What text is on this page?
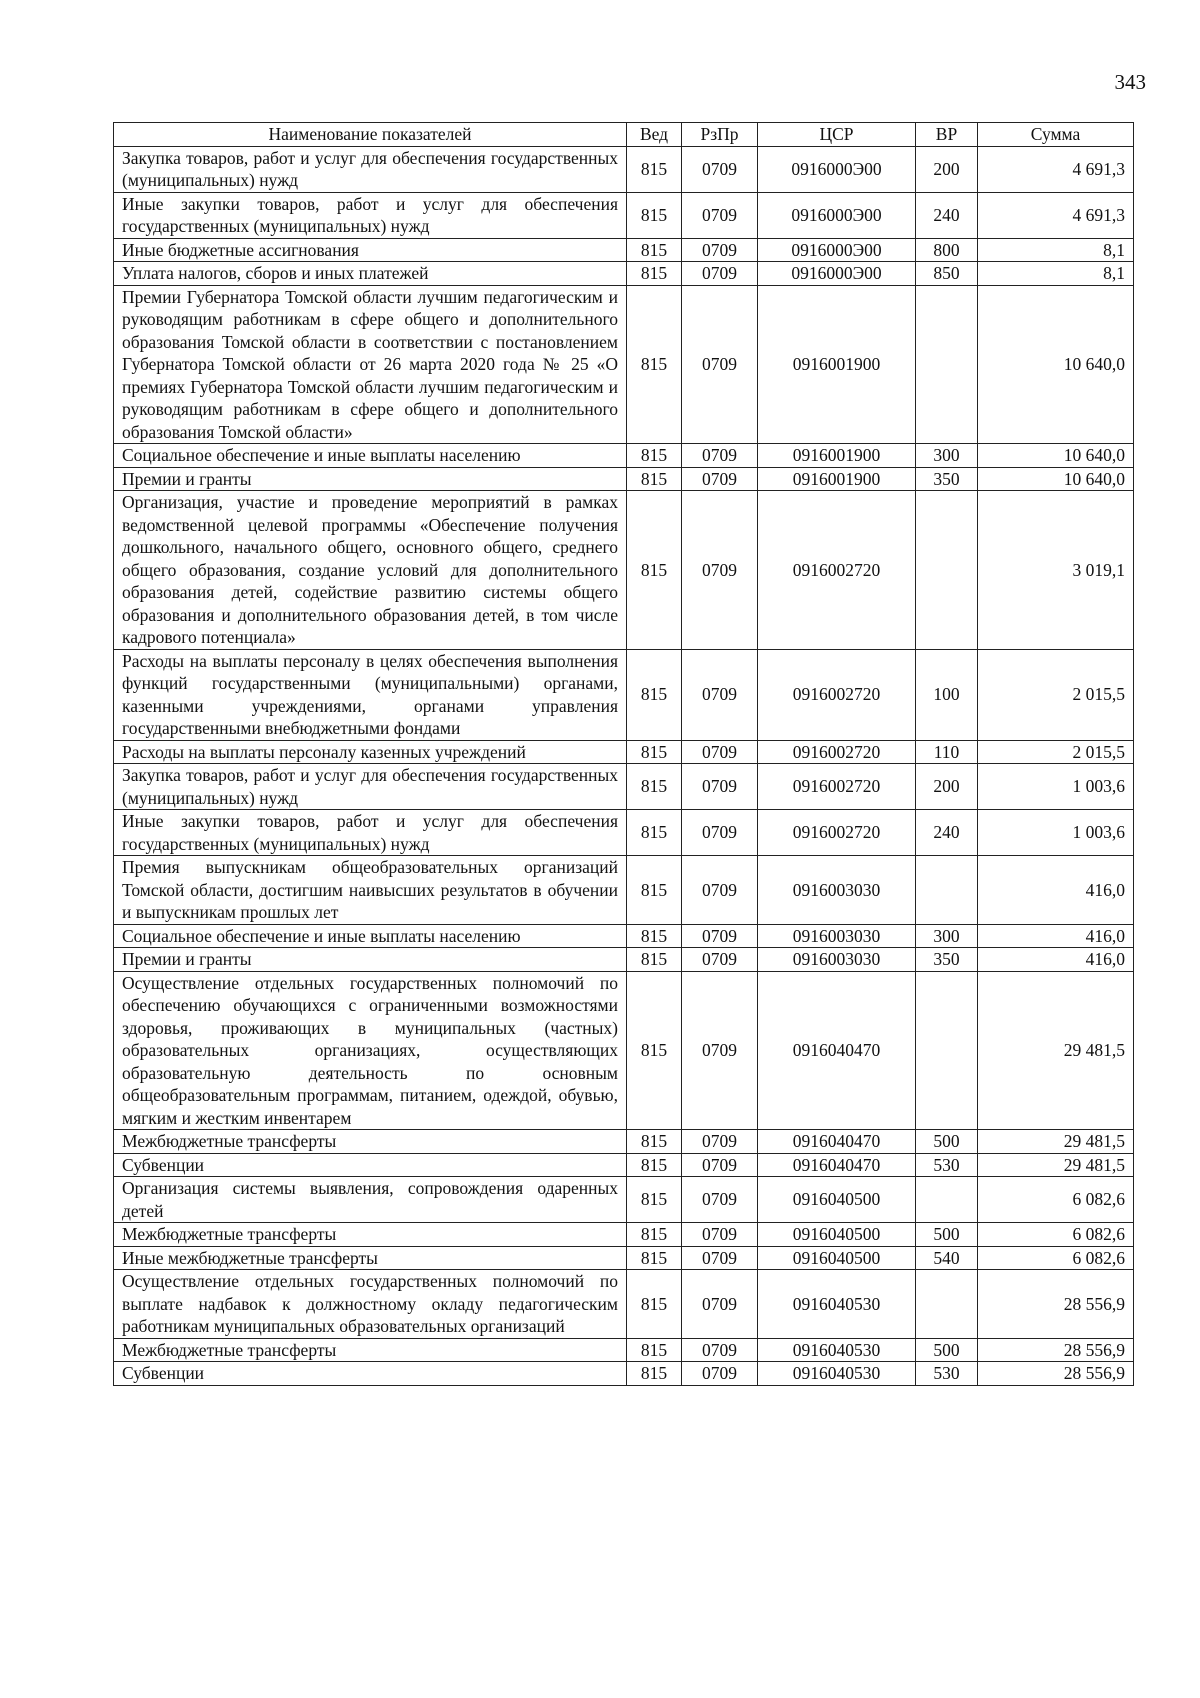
343
Наименование показателей	Вед	РзПр	ЦСР	ВР	Сумма
Закупка товаров, работ и услуг для обеспечения государственных (муниципальных) нужд	815	0709	0916000Э00	200	4 691,3
Иные закупки товаров, работ и услуг для обеспечения государственных (муниципальных) нужд	815	0709	0916000Э00	240	4 691,3
Иные бюджетные ассигнования	815	0709	0916000Э00	800	8,1
Уплата налогов, сборов и иных платежей	815	0709	0916000Э00	850	8,1
Премии Губернатора Томской области лучшим педагогическим и руководящим работникам в сфере общего и дополнительного образования Томской области в соответствии с постановлением Губернатора Томской области от 26 марта 2020 года № 25 «О премиях Губернатора Томской области лучшим педагогическим и руководящим работникам в сфере общего и дополнительного образования Томской области»	815	0709	0916001900		10 640,0
Социальное обеспечение и иные выплаты населению	815	0709	0916001900	300	10 640,0
Премии и гранты	815	0709	0916001900	350	10 640,0
Организация, участие и проведение мероприятий в рамках ведомственной целевой программы «Обеспечение получения дошкольного, начального общего, основного общего, среднего общего образования, создание условий для дополнительного образования детей, содействие развитию системы общего образования и дополнительного образования детей, в том числе кадрового потенциала»	815	0709	0916002720		3 019,1
Расходы на выплаты персоналу в целях обеспечения выполнения функций государственными (муниципальными) органами, казенными учреждениями, органами управления государственными внебюджетными фондами	815	0709	0916002720	100	2 015,5
Расходы на выплаты персоналу казенных учреждений	815	0709	0916002720	110	2 015,5
Закупка товаров, работ и услуг для обеспечения государственных (муниципальных) нужд	815	0709	0916002720	200	1 003,6
Иные закупки товаров, работ и услуг для обеспечения государственных (муниципальных) нужд	815	0709	0916002720	240	1 003,6
Премия выпускникам общеобразовательных организаций Томской области, достигшим наивысших результатов в обучении и выпускникам прошлых лет	815	0709	0916003030		416,0
Социальное обеспечение и иные выплаты населению	815	0709	0916003030	300	416,0
Премии и гранты	815	0709	0916003030	350	416,0
Осуществление отдельных государственных полномочий по обеспечению обучающихся с ограниченными возможностями здоровья, проживающих в муниципальных (частных) образовательных организациях, осуществляющих образовательную деятельность по основным общеобразовательным программам, питанием, одеждой, обувью, мягким и жестким инвентарем	815	0709	0916040470		29 481,5
Межбюджетные трансферты	815	0709	0916040470	500	29 481,5
Субвенции	815	0709	0916040470	530	29 481,5
Организация системы выявления, сопровождения одаренных детей	815	0709	0916040500		6 082,6
Межбюджетные трансферты	815	0709	0916040500	500	6 082,6
Иные межбюджетные трансферты	815	0709	0916040500	540	6 082,6
Осуществление отдельных государственных полномочий по выплате надбавок к должностному окладу педагогическим работникам муниципальных образовательных организаций	815	0709	0916040530		28 556,9
Межбюджетные трансферты	815	0709	0916040530	500	28 556,9
Субвенции	815	0709	0916040530	530	28 556,9
